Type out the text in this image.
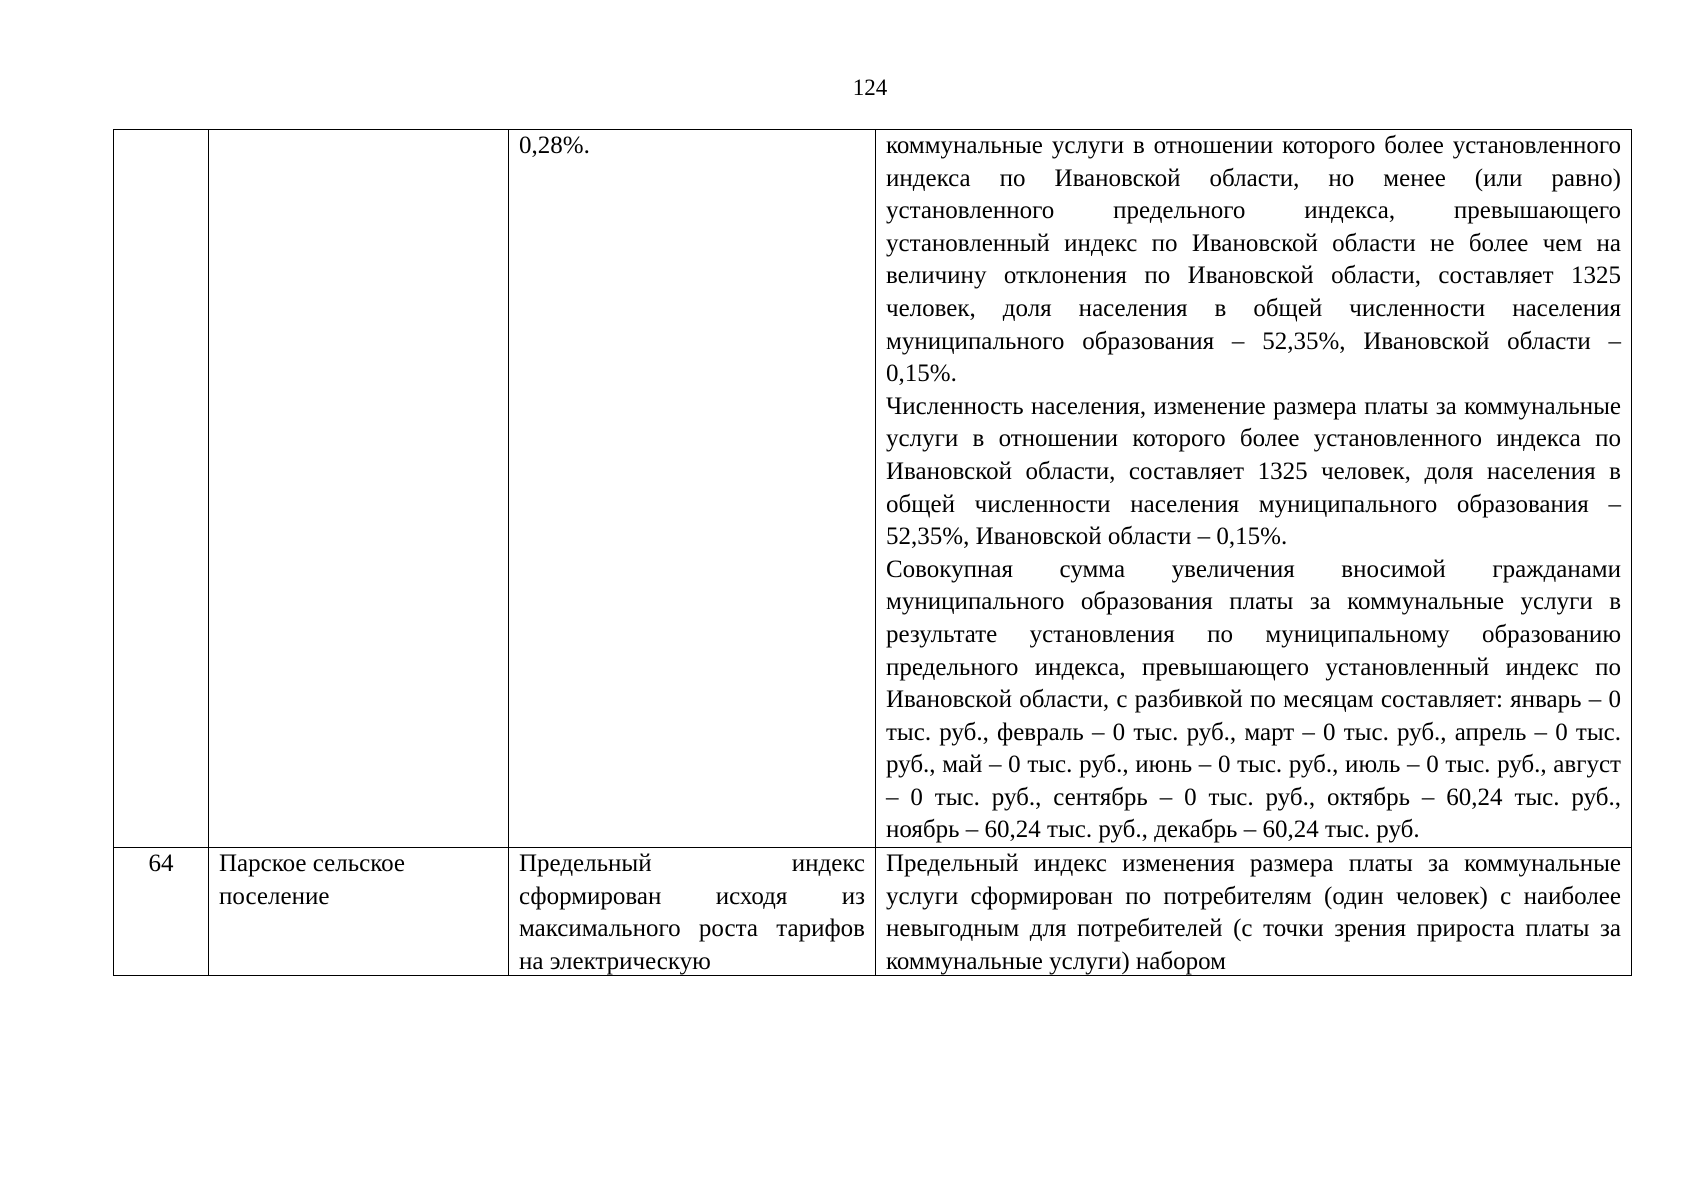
124
		0,28%.	коммунальные услуги в отношении которого более установленного индекса по Ивановской области, но менее (или равно) установленного предельного индекса, превышающего установленный индекс по Ивановской области не более чем на величину отклонения по Ивановской области, составляет 1325 человек, доля населения в общей численности населения муниципального образования – 52,35%, Ивановской области – 0,15%.

Численность населения, изменение размера платы за коммунальные услуги в отношении которого более установленного индекса по Ивановской области, составляет 1325 человек, доля населения в общей численности населения муниципального образования – 52,35%, Ивановской области – 0,15%.

Совокупная сумма увеличения вносимой гражданами муниципального образования платы за коммунальные услуги в результате установления по муниципальному образованию предельного индекса, превышающего установленный индекс по Ивановской области, с разбивкой по месяцам составляет: январь – 0 тыс. руб., февраль – 0 тыс. руб., март – 0 тыс. руб., апрель – 0 тыс. руб., май – 0 тыс. руб., июнь – 0 тыс. руб., июль – 0 тыс. руб., август – 0 тыс. руб., сентябрь – 0 тыс. руб., октябрь – 60,24 тыс. руб., ноябрь – 60,24 тыс. руб., декабрь – 60,24 тыс. руб.

64	Парское сельское поселение	Предельный индекс сформирован исходя из максимального роста тарифов на электрическую	Предельный индекс изменения размера платы за коммунальные услуги сформирован по потребителям (один человек) с наиболее невыгодным для потребителей (с точки зрения прироста платы за коммунальные услуги) набором
